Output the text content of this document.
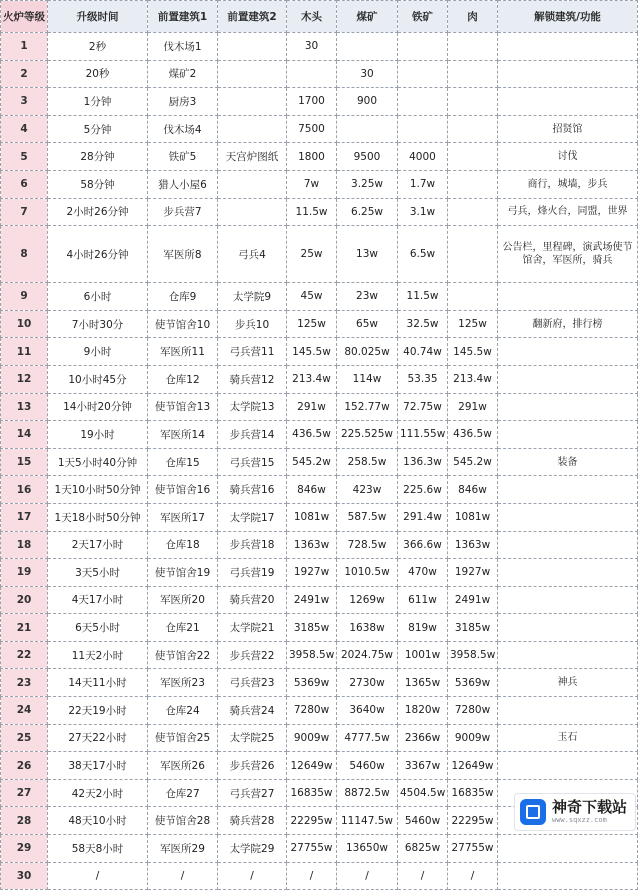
火炉等级	升级时间	前置建筑1	前置建筑2	木头	煤矿	铁矿	肉	解锁建筑/功能
1	2秒	伐木场1		30				
2	20秒	煤矿2			30			
3	1分钟	厨房3		1700	900			
4	5分钟	伐木场4		7500				招贤馆
5	28分钟	铁矿5	天宫炉图纸	1800	9500	4000		讨伐
6	58分钟	猎人小屋6		7w	3.25w	1.7w		商行，城墙，步兵
7	2小时26分钟	步兵营7		11.5w	6.25w	3.1w		弓兵，烽火台，同盟，世界
8	4小时26分钟	军医所8	弓兵4	25w	13w	6.5w		公告栏，里程碑，演武场使节馆舍，军医所，骑兵
9	6小时	仓库9	太学院9	45w	23w	11.5w		
10	7小时30分	使节馆舍10	步兵10	125w	65w	32.5w	125w	翻新府，排行榜
11	9小时	军医所11	弓兵营11	145.5w	80.025w	40.74w	145.5w	
12	10小时45分	仓库12	骑兵营12	213.4w	114w	53.35	213.4w	
13	14小时20分钟	使节馆舍13	太学院13	291w	152.77w	72.75w	291w	
14	19小时	军医所14	步兵营14	436.5w	225.525w	111.55w	436.5w	
15	1天5小时40分钟	仓库15	弓兵营15	545.2w	258.5w	136.3w	545.2w	装备
16	1天10小时50分钟	使节馆舍16	骑兵营16	846w	423w	225.6w	846w	
17	1天18小时50分钟	军医所17	太学院17	1081w	587.5w	291.4w	1081w	
18	2天17小时	仓库18	步兵营18	1363w	728.5w	366.6w	1363w	
19	3天5小时	使节馆舍19	弓兵营19	1927w	1010.5w	470w	1927w	
20	4天17小时	军医所20	骑兵营20	2491w	1269w	611w	2491w	
21	6天5小时	仓库21	太学院21	3185w	1638w	819w	3185w	
22	11天2小时	使节馆舍22	步兵营22	3958.5w	2024.75w	1001w	3958.5w	
23	14天11小时	军医所23	弓兵营23	5369w	2730w	1365w	5369w	神兵
24	22天19小时	仓库24	骑兵营24	7280w	3640w	1820w	7280w	
25	27天22小时	使节馆舍25	太学院25	9009w	4777.5w	2366w	9009w	玉石
26	38天17小时	军医所26	步兵营26	12649w	5460w	3367w	12649w	
27	42天2小时	仓库27	弓兵营27	16835w	8872.5w	4504.5w	16835w	
28	48天10小时	使节馆舍28	骑兵营28	22295w	11147.5w	5460w	22295w	
29	58天8小时	军医所29	太学院29	27755w	13650w	6825w	27755w	
30	/	/	/	/	/	/	/	
神奇下载站
www.sqxzz.com
